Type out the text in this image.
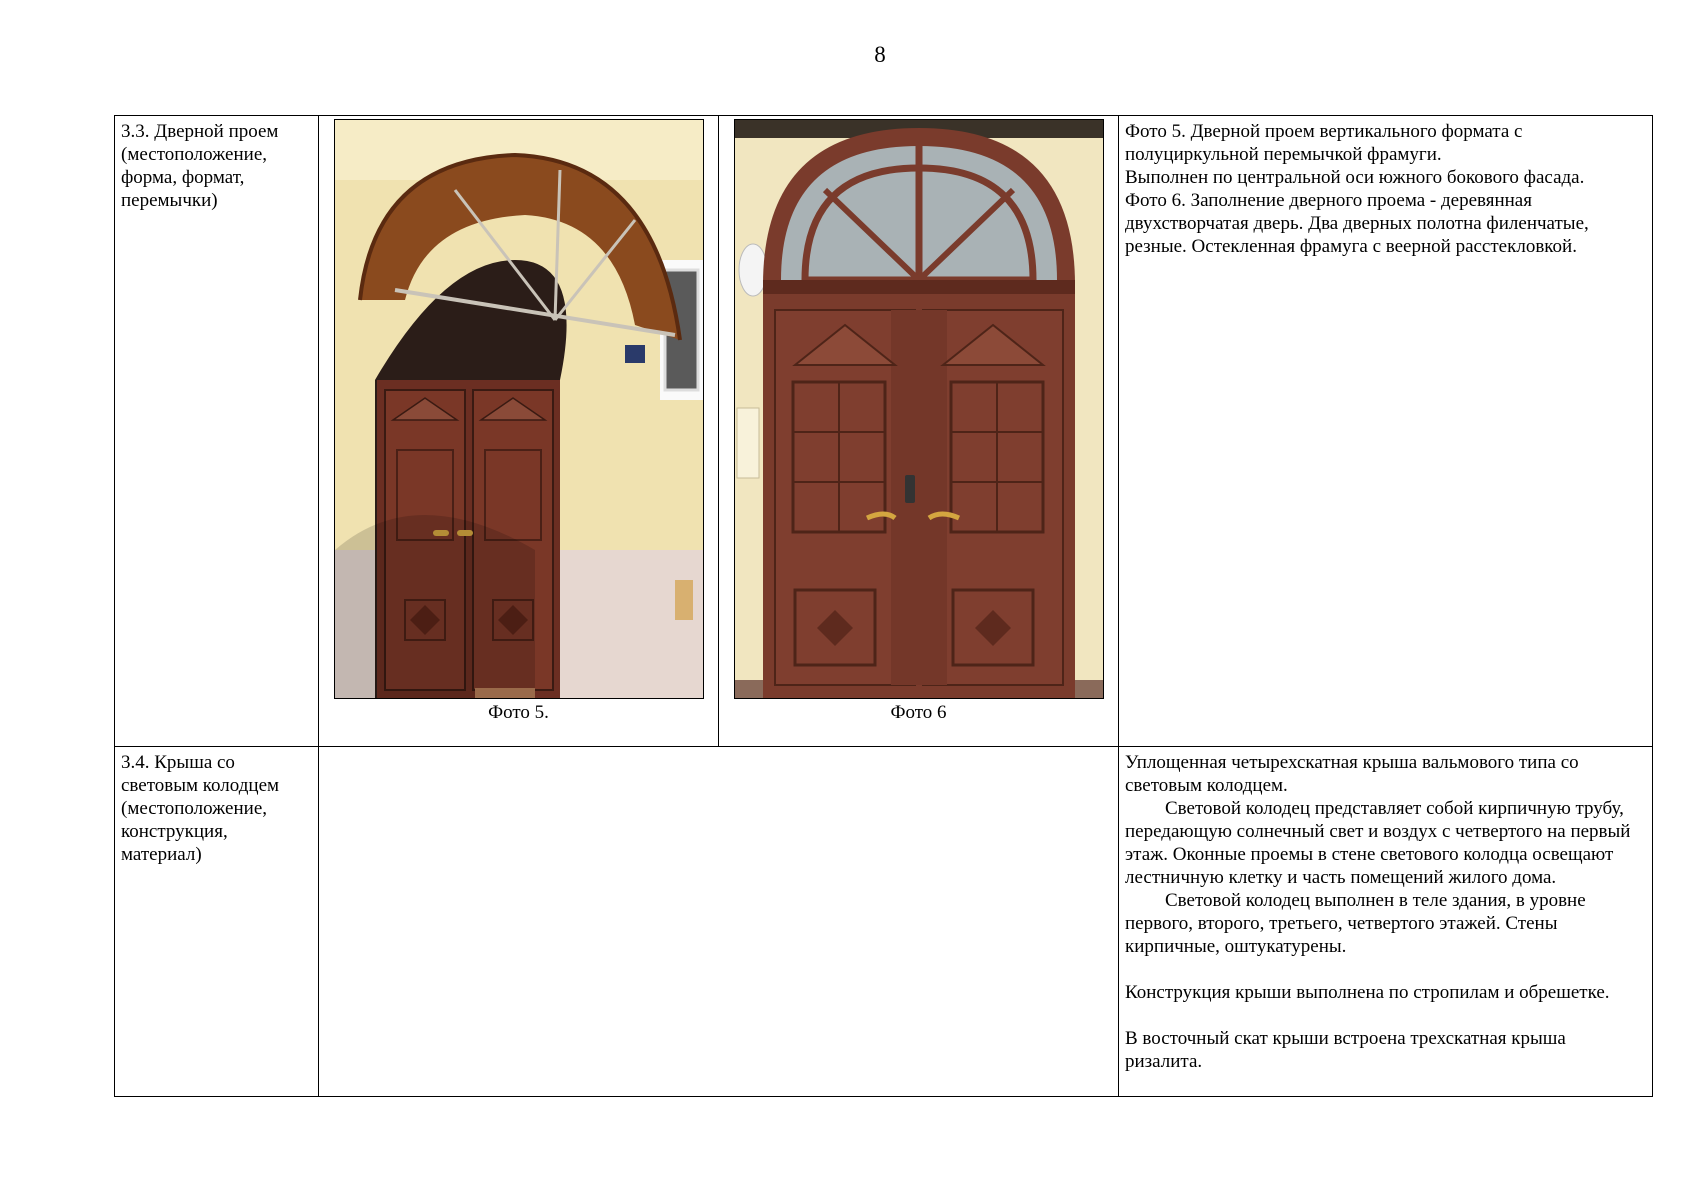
8
3.3. Дверной проем (местоположение, форма, формат, перемычки)	Фото 5.	Фото 6	Фото 5. Дверной проем вертикального формата с полуциркульной перемычкой фрамуги.

Выполнен по центральной оси южного бокового фасада.

Фото 6. Заполнение дверного проема - деревянная двухстворчатая дверь. Два дверных полотна филенчатые, резные. Остекленная фрамуга с веерной расстекловкой.

3.4. Крыша со световым колодцем (местоположение, конструкция, материал)			Уплощенная четырехскатная крыша вальмового типа со световым колодцем.

Световой колодец представляет собой кирпичную трубу, передающую солнечный свет и воздух с четвертого на первый этаж. Оконные проемы в стене светового колодца освещают лестничную клетку и часть помещений жилого дома.

Световой колодец выполнен в теле здания, в уровне первого, второго, третьего, четвертого этажей. Стены кирпичные, оштукатурены.

Конструкция крыши выполнена по стропилам и обрешетке.

В восточный скат крыши встроена трехскатная крыша ризалита.
